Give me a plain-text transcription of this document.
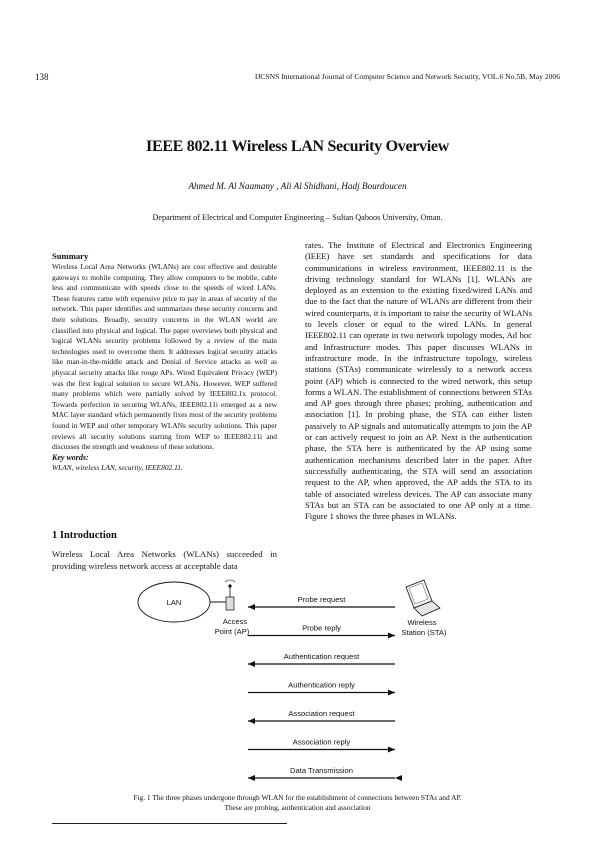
138	IJCSNS International Journal of Computer Science and Network Security, VOL.6 No.5B, May 2006
IEEE 802.11 Wireless LAN Security Overview
Ahmed M. Al Naamany , Ali Al Shidhani, Hadj Bourdoucen
Department of Electrical and Computer Engineering – Sultan Qaboos University, Oman.
Summary
Wireless Local Area Networks (WLANs) are cost effective and desirable gateways to mobile computing. They allow computers to be mobile, cable less and communicate with speeds close to the speeds of wired LANs. These features came with expensive price to pay in areas of security of the network. This paper identifies and summarizes these security concerns and their solutions. Broadly, security concerns in the WLAN world are classified into physical and logical. The paper overviews both physical and logical WLANs security problems followed by a review of the main technologies used to overcome them. It addresses logical security attacks like man-in-the-middle attack and Denial of Service attacks as well as physical security attacks like rouge APs. Wired Equivalent Privacy (WEP) was the first logical solution to secure WLANs. However, WEP suffered many problems which were partially solved by IEEE802.1x protocol. Towards perfection in securing WLANs, IEEE802.11i emerged as a new MAC layer standard which permanently fixes most of the security problems found in WEP and other temporary WLANs security solutions. This paper reviews all security solutions starting from WEP to IEEE802.11i and discusses the strength and weakness of these solutions.
Key words:
WLAN, wireless LAN, security, IEEE802.11.
1 Introduction
Wireless Local Area Networks (WLANs) succeeded in providing wireless network access at acceptable data
rates. The Institute of Electrical and Electronics Engineering (IEEE) have set standards and specifications for data communications in wireless environment, IEEE802.11 is the driving technology standard for WLANs [1]. WLANs are deployed as an extension to the existing fixed/wired LANs and due to the fact that the nature of WLANs are different from their wired counterparts, it is important to raise the security of WLANs to levels closer or equal to the wired LANs. In general IEEE802.11 can operate in two network topology modes, Ad hoc and Infrastructure modes. This paper discusses WLANs in infrastructure mode. In the infrastructure topology, wireless stations (STAs) communicate wirelessly to a network access point (AP) which is connected to the wired network, this setup forms a WLAN. The establishment of connections between STAs and AP goes through three phases; probing, authentication and association [1]. In probing phase, the STA can either listen passively to AP signals and automatically attempts to join the AP or can actively request to join an AP. Next is the authentication phase, the STA here is authenticated by the AP using some authentication mechanisms described later in the paper. After successfully authenticating, the STA will send an association request to the AP, when approved, the AP adds the STA to its table of associated wireless devices. The AP can associate many STAs but an STA can be associated to one AP only at a time. Figure 1 shows the three phases in WLANs.
LAN
Access
Point (AP)
Wireless
Station (STA)
Probe request
Probe reply
Authentication request
Authentication reply
Association request
Association reply
Data Transmission
Fig. 1 The three phases undergone through WLAN for the establishment of connections between STAs and AP.
These are probing, authentication and association
